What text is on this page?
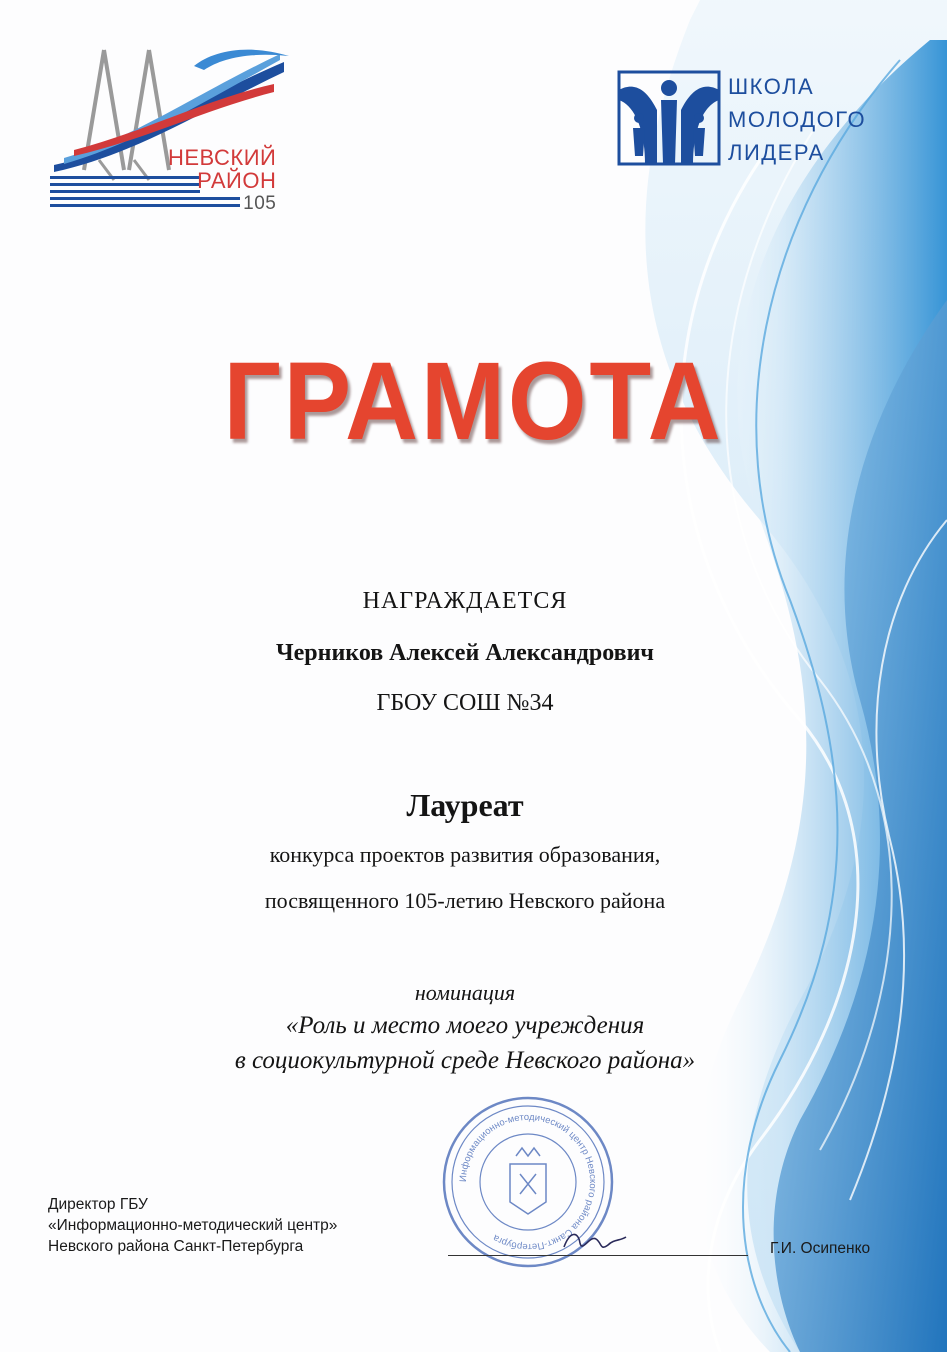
НЕВСКИЙ
РАЙОН
105
ШКОЛА
МОЛОДОГО
ЛИДЕРА
ГРАМОТА
НАГРАЖДАЕТСЯ
Черников Алексей Александрович
ГБОУ СОШ №34
Лауреат
конкурса проектов развития образования,
посвященного 105-летию Невского района
номинация
«Роль и место моего учреждения
в социокультурной среде Невского района»
Информационно-методический центр Невского района Санкт-Петербурга
Директор ГБУ
«Информационно-методический центр»
Невского района Санкт-Петербурга	Г.И. Осипенко
